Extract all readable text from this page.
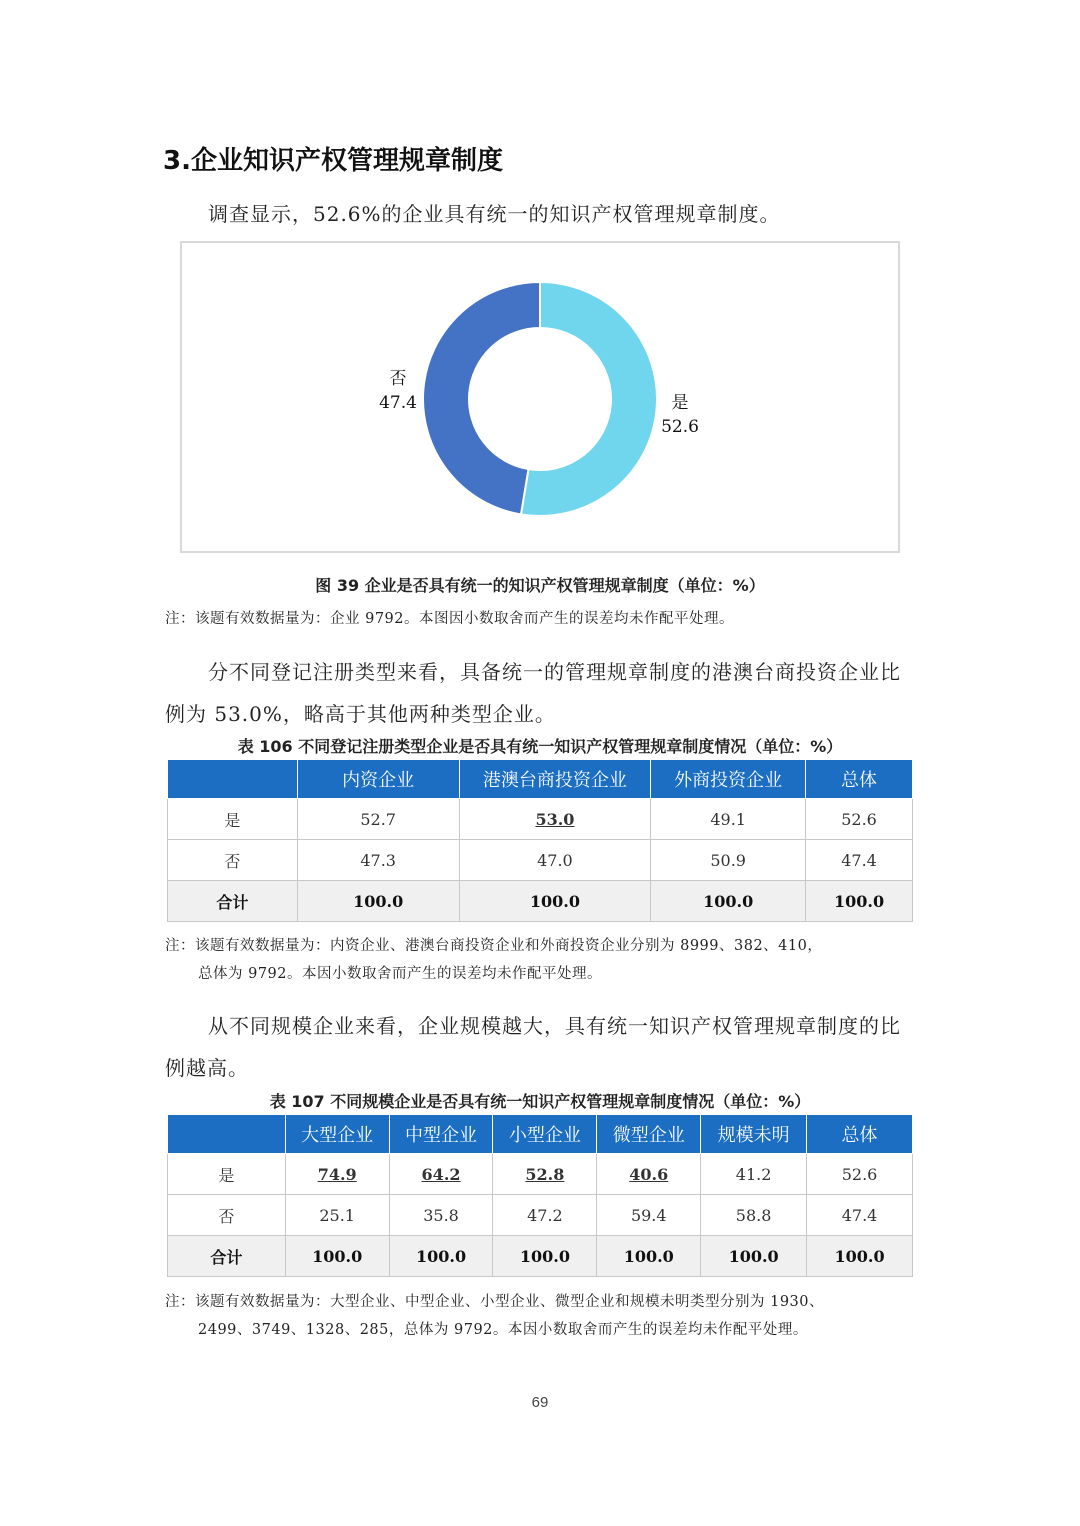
3.企业知识产权管理规章制度
调查显示，52.6%的企业具有统一的知识产权管理规章制度。
否
47.4	是
52.6
图 39 企业是否具有统一的知识产权管理规章制度（单位：%）
注：该题有效数据量为：企业 9792。本图因小数取舍而产生的误差均未作配平处理。
分不同登记注册类型来看，具备统一的管理规章制度的港澳台商投资企业比
例为 53.0%，略高于其他两种类型企业。
表 106 不同登记注册类型企业是否具有统一知识产权管理规章制度情况（单位：%）
	内资企业	港澳台商投资企业	外商投资企业	总体
是	52.7	53.0	49.1	52.6
否	47.3	47.0	50.9	47.4
合计	100.0	100.0	100.0	100.0
注：该题有效数据量为：内资企业、港澳台商投资企业和外商投资企业分别为 8999、382、410，
总体为 9792。本因小数取舍而产生的误差均未作配平处理。
从不同规模企业来看，企业规模越大，具有统一知识产权管理规章制度的比
例越高。
表 107 不同规模企业是否具有统一知识产权管理规章制度情况（单位：%）
	大型企业	中型企业	小型企业	微型企业	规模未明	总体
是	74.9	64.2	52.8	40.6	41.2	52.6
否	25.1	35.8	47.2	59.4	58.8	47.4
合计	100.0	100.0	100.0	100.0	100.0	100.0
注：该题有效数据量为：大型企业、中型企业、小型企业、微型企业和规模未明类型分别为 1930、
2499、3749、1328、285，总体为 9792。本因小数取舍而产生的误差均未作配平处理。
69
